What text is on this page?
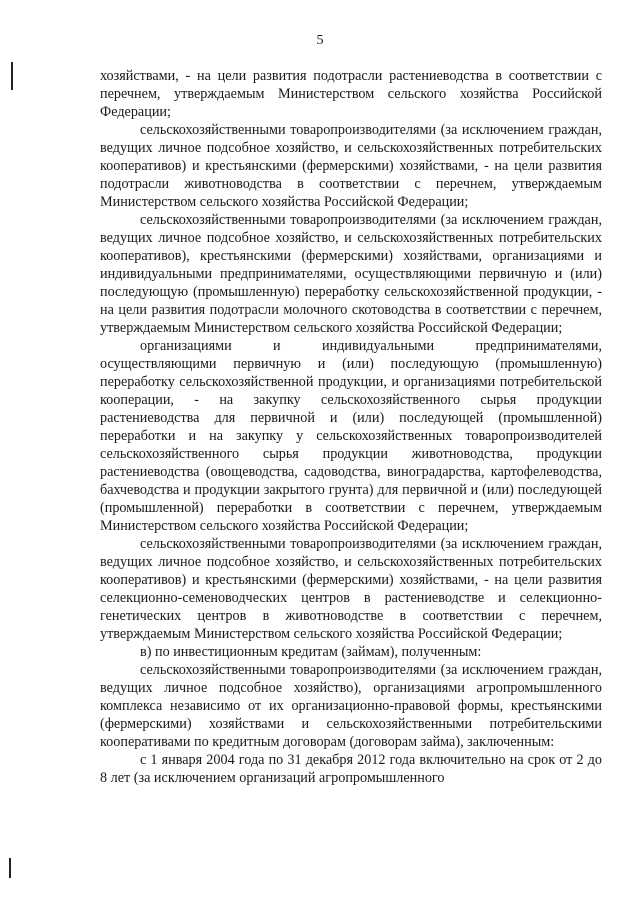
5

хозяйствами, - на цели развития подотрасли растениеводства в соответствии с перечнем, утверждаемым Министерством сельского хозяйства Российской Федерации;

сельскохозяйственными товаропроизводителями (за исключением граждан, ведущих личное подсобное хозяйство, и сельскохозяйственных потребительских кооперативов) и крестьянскими (фермерскими) хозяйствами, - на цели развития подотрасли животноводства в соответствии с перечнем, утверждаемым Министерством сельского хозяйства Российской Федерации;

сельскохозяйственными товаропроизводителями (за исключением граждан, ведущих личное подсобное хозяйство, и сельскохозяйственных потребительских кооперативов), крестьянскими (фермерскими) хозяйствами, организациями и индивидуальными предпринимателями, осуществляющими первичную и (или) последующую (промышленную) переработку сельскохозяйственной продукции, - на цели развития подотрасли молочного скотоводства в соответствии с перечнем, утверждаемым Министерством сельского хозяйства Российской Федерации;

организациями и индивидуальными предпринимателями, осуществляющими первичную и (или) последующую (промышленную) переработку сельскохозяйственной продукции, и организациями потребительской кооперации, - на закупку сельскохозяйственного сырья продукции растениеводства для первичной и (или) последующей (промышленной) переработки и на закупку у сельскохозяйственных товаропроизводителей сельскохозяйственного сырья продукции животноводства, продукции растениеводства (овощеводства, садоводства, виноградарства, картофелеводства, бахчеводства и продукции закрытого грунта) для первичной и (или) последующей (промышленной) переработки в соответствии с перечнем, утверждаемым Министерством сельского хозяйства Российской Федерации;

сельскохозяйственными товаропроизводителями (за исключением граждан, ведущих личное подсобное хозяйство, и сельскохозяйственных потребительских кооперативов) и крестьянскими (фермерскими) хозяйствами, - на цели развития селекционно-семеноводческих центров в растениеводстве и селекционно-генетических центров в животноводстве в соответствии с перечнем, утверждаемым Министерством сельского хозяйства Российской Федерации;

в) по инвестиционным кредитам (займам), полученным:

сельскохозяйственными товаропроизводителями (за исключением граждан, ведущих личное подсобное хозяйство), организациями агропромышленного комплекса независимо от их организационно-правовой формы, крестьянскими (фермерскими) хозяйствами и сельскохозяйственными потребительскими кооперативами по кредитным договорам (договорам займа), заключенным:

с 1 января 2004 года по 31 декабря 2012 года включительно на срок от 2 до 8 лет (за исключением организаций агропромышленного
